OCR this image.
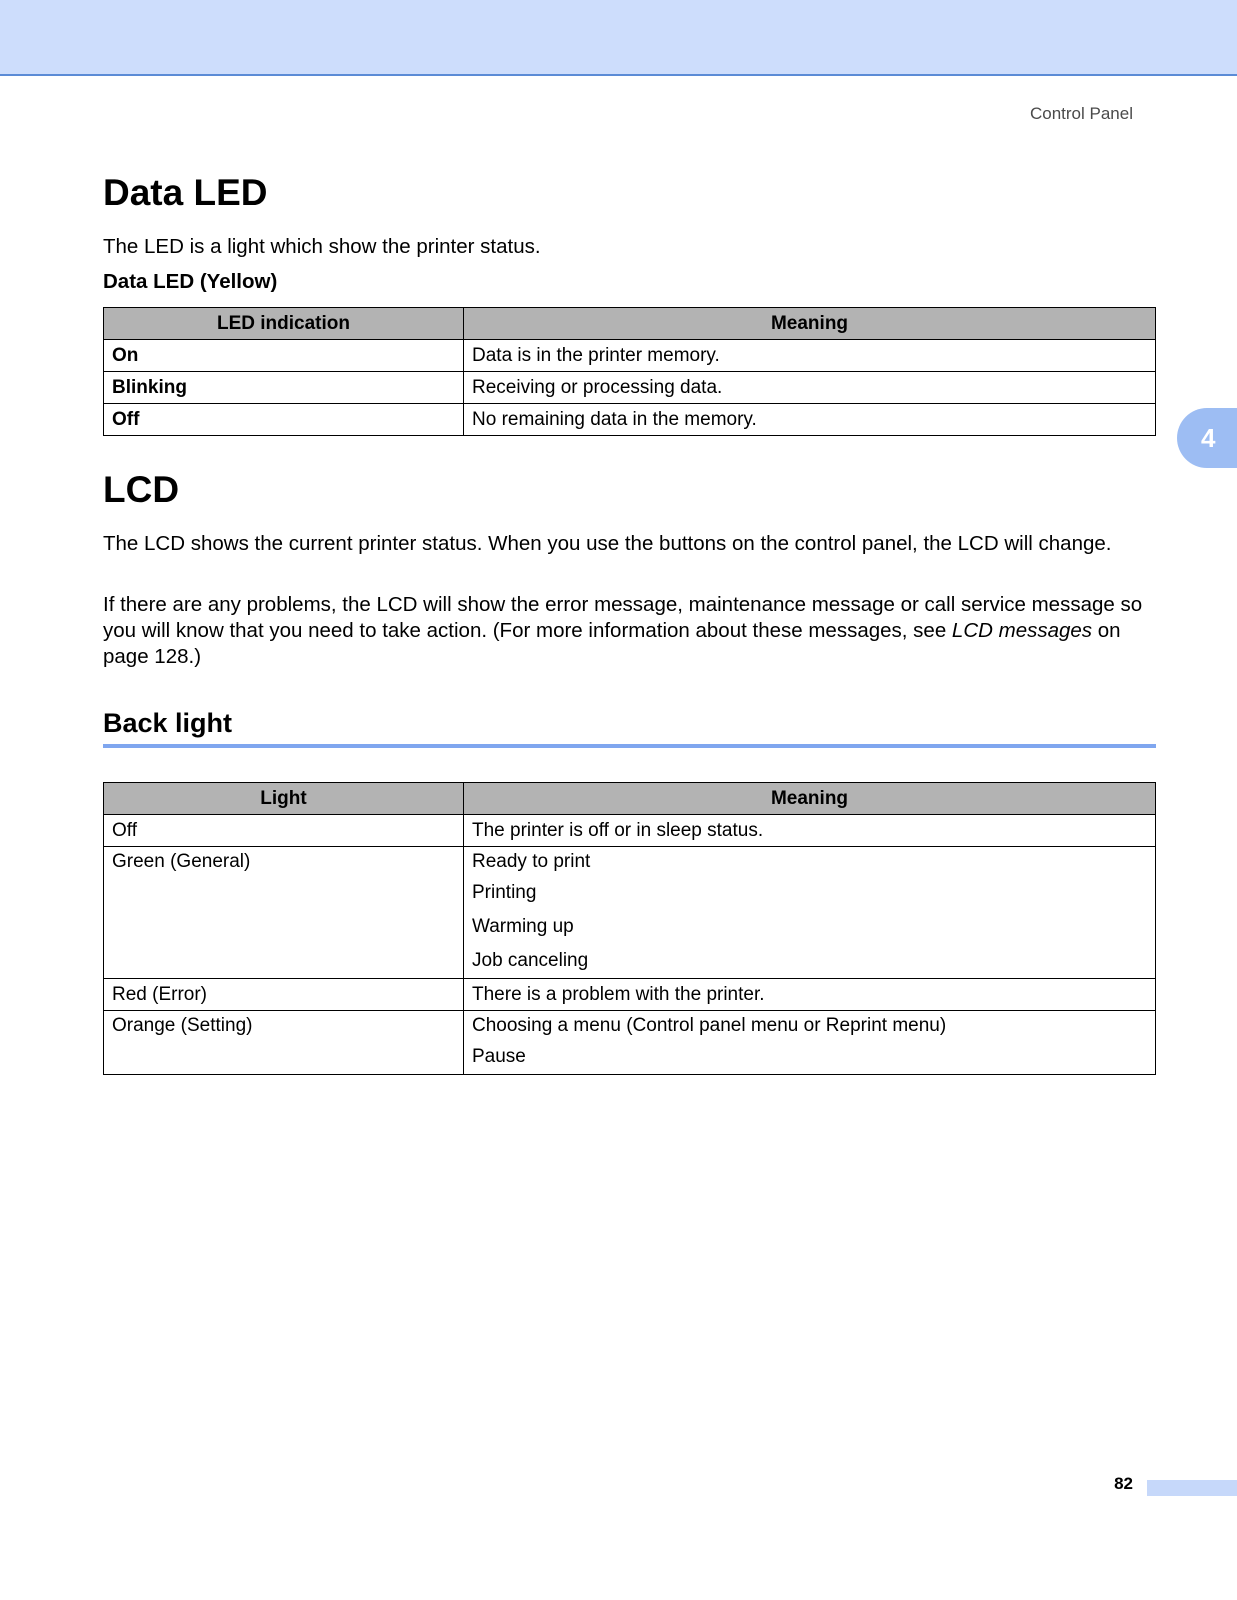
Control Panel
4
Data LED
The LED is a light which show the printer status.
Data LED (Yellow)
LED indication	Meaning
On	Data is in the printer memory.
Blinking	Receiving or processing data.
Off	No remaining data in the memory.
LCD
The LCD shows the current printer status. When you use the buttons on the control panel, the LCD will change.
If there are any problems, the LCD will show the error message, maintenance message or call service message so you will know that you need to take action. (For more information about these messages, see LCD messages on page 128.)
Back light
Light	Meaning
Off	The printer is off or in sleep status.
Green (General)	Ready to print
Printing
Warming up
Job canceling

Red (Error)	There is a problem with the printer.
Orange (Setting)	Choosing a menu (Control panel menu or Reprint menu)
Pause
82
